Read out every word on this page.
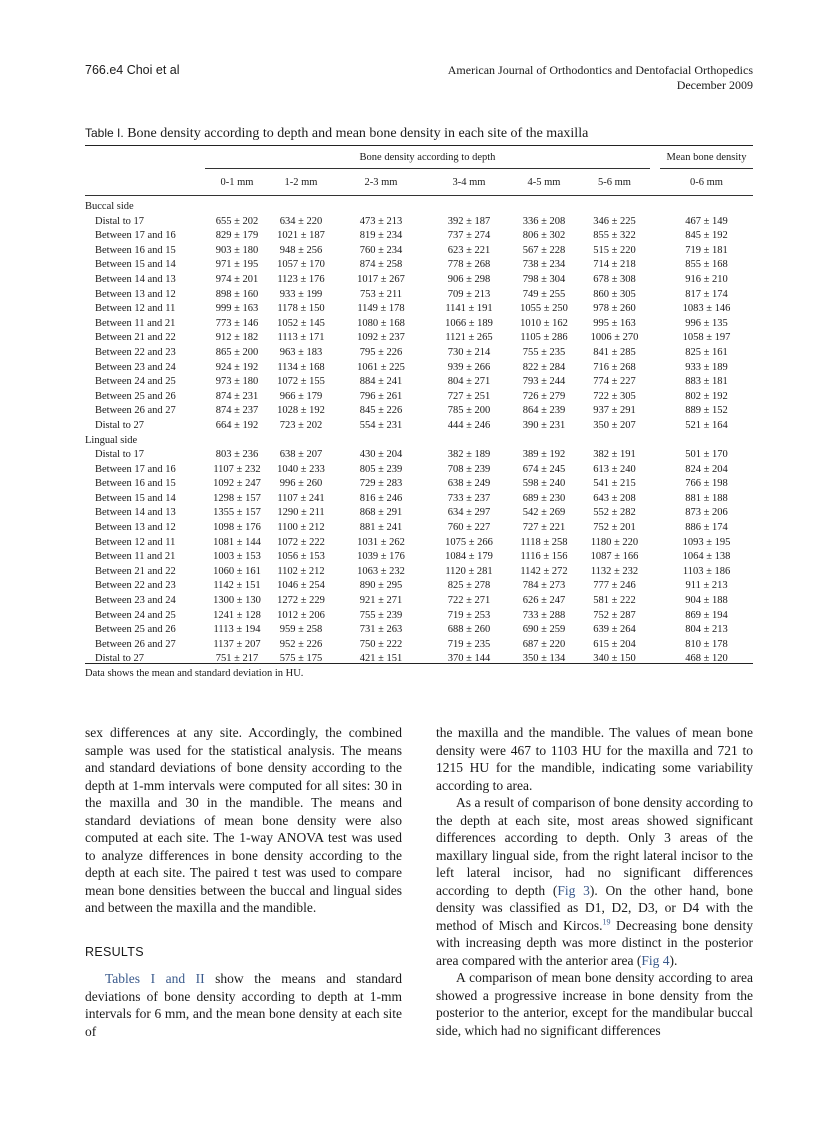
766.e4 Choi et al	American Journal of Orthodontics and Dentofacial Orthopedics
December 2009
Table I. Bone density according to depth and mean bone density in each site of the maxilla
Bone density according to depth	Mean bone density
0-1 mm	1-2 mm	2-3 mm	3-4 mm	4-5 mm	5-6 mm	0-6 mm
Buccal side								
Distal to 17	655 ± 202	634 ± 220	473 ± 213	392 ± 187	336 ± 208	346 ± 225		467 ± 149
Between 17 and 16	829 ± 179	1021 ± 187	819 ± 234	737 ± 274	806 ± 302	855 ± 322		845 ± 192
Between 16 and 15	903 ± 180	948 ± 256	760 ± 234	623 ± 221	567 ± 228	515 ± 220		719 ± 181
Between 15 and 14	971 ± 195	1057 ± 170	874 ± 258	778 ± 268	738 ± 234	714 ± 218		855 ± 168
Between 14 and 13	974 ± 201	1123 ± 176	1017 ± 267	906 ± 298	798 ± 304	678 ± 308		916 ± 210
Between 13 and 12	898 ± 160	933 ± 199	753 ± 211	709 ± 213	749 ± 255	860 ± 305		817 ± 174
Between 12 and 11	999 ± 163	1178 ± 150	1149 ± 178	1141 ± 191	1055 ± 250	978 ± 260		1083 ± 146
Between 11 and 21	773 ± 146	1052 ± 145	1080 ± 168	1066 ± 189	1010 ± 162	995 ± 163		996 ± 135
Between 21 and 22	912 ± 182	1113 ± 171	1092 ± 237	1121 ± 265	1105 ± 286	1006 ± 270		1058 ± 197
Between 22 and 23	865 ± 200	963 ± 183	795 ± 226	730 ± 214	755 ± 235	841 ± 285		825 ± 161
Between 23 and 24	924 ± 192	1134 ± 168	1061 ± 225	939 ± 266	822 ± 284	716 ± 268		933 ± 189
Between 24 and 25	973 ± 180	1072 ± 155	884 ± 241	804 ± 271	793 ± 244	774 ± 227		883 ± 181
Between 25 and 26	874 ± 231	966 ± 179	796 ± 261	727 ± 251	726 ± 279	722 ± 305		802 ± 192
Between 26 and 27	874 ± 237	1028 ± 192	845 ± 226	785 ± 200	864 ± 239	937 ± 291		889 ± 152
Distal to 27	664 ± 192	723 ± 202	554 ± 231	444 ± 246	390 ± 231	350 ± 207		521 ± 164
Lingual side								
Distal to 17	803 ± 236	638 ± 207	430 ± 204	382 ± 189	389 ± 192	382 ± 191		501 ± 170
Between 17 and 16	1107 ± 232	1040 ± 233	805 ± 239	708 ± 239	674 ± 245	613 ± 240		824 ± 204
Between 16 and 15	1092 ± 247	996 ± 260	729 ± 283	638 ± 249	598 ± 240	541 ± 215		766 ± 198
Between 15 and 14	1298 ± 157	1107 ± 241	816 ± 246	733 ± 237	689 ± 230	643 ± 208		881 ± 188
Between 14 and 13	1355 ± 157	1290 ± 211	868 ± 291	634 ± 297	542 ± 269	552 ± 282		873 ± 206
Between 13 and 12	1098 ± 176	1100 ± 212	881 ± 241	760 ± 227	727 ± 221	752 ± 201		886 ± 174
Between 12 and 11	1081 ± 144	1072 ± 222	1031 ± 262	1075 ± 266	1118 ± 258	1180 ± 220		1093 ± 195
Between 11 and 21	1003 ± 153	1056 ± 153	1039 ± 176	1084 ± 179	1116 ± 156	1087 ± 166		1064 ± 138
Between 21 and 22	1060 ± 161	1102 ± 212	1063 ± 232	1120 ± 281	1142 ± 272	1132 ± 232		1103 ± 186
Between 22 and 23	1142 ± 151	1046 ± 254	890 ± 295	825 ± 278	784 ± 273	777 ± 246		911 ± 213
Between 23 and 24	1300 ± 130	1272 ± 229	921 ± 271	722 ± 271	626 ± 247	581 ± 222		904 ± 188
Between 24 and 25	1241 ± 128	1012 ± 206	755 ± 239	719 ± 253	733 ± 288	752 ± 287		869 ± 194
Between 25 and 26	1113 ± 194	959 ± 258	731 ± 263	688 ± 260	690 ± 259	639 ± 264		804 ± 213
Between 26 and 27	1137 ± 207	952 ± 226	750 ± 222	719 ± 235	687 ± 220	615 ± 204		810 ± 178
Distal to 27	751 ± 217	575 ± 175	421 ± 151	370 ± 144	350 ± 134	340 ± 150		468 ± 120
Data shows the mean and standard deviation in HU.

sex differences at any site. Accordingly, the combined sample was used for the statistical analysis. The means and standard deviations of bone density according to the depth at 1-mm intervals were computed for all sites: 30 in the maxilla and 30 in the mandible. The means and standard deviations of mean bone density were also computed at each site. The 1-way ANOVA test was used to analyze differences in bone density according to the depth at each site. The paired t test was used to compare mean bone densities between the buccal and lingual sides and between the maxilla and the mandible.

RESULTS

Tables I and II show the means and standard deviations of bone density according to depth at 1-mm intervals for 6 mm, and the mean bone density at each site of

the maxilla and the mandible. The values of mean bone density were 467 to 1103 HU for the maxilla and 721 to 1215 HU for the mandible, indicating some variability according to area.

As a result of comparison of bone density according to the depth at each site, most areas showed significant differences according to depth. Only 3 areas of the maxillary lingual side, from the right lateral incisor to the left lateral incisor, had no significant differences according to depth (Fig 3). On the other hand, bone density was classified as D1, D2, D3, or D4 with the method of Misch and Kircos.$^{19}$ Decreasing bone density with increasing depth was more distinct in the posterior area compared with the anterior area (Fig 4).

A comparison of mean bone density according to area showed a progressive increase in bone density from the posterior to the anterior, except for the mandibular buccal side, which had no significant differences
